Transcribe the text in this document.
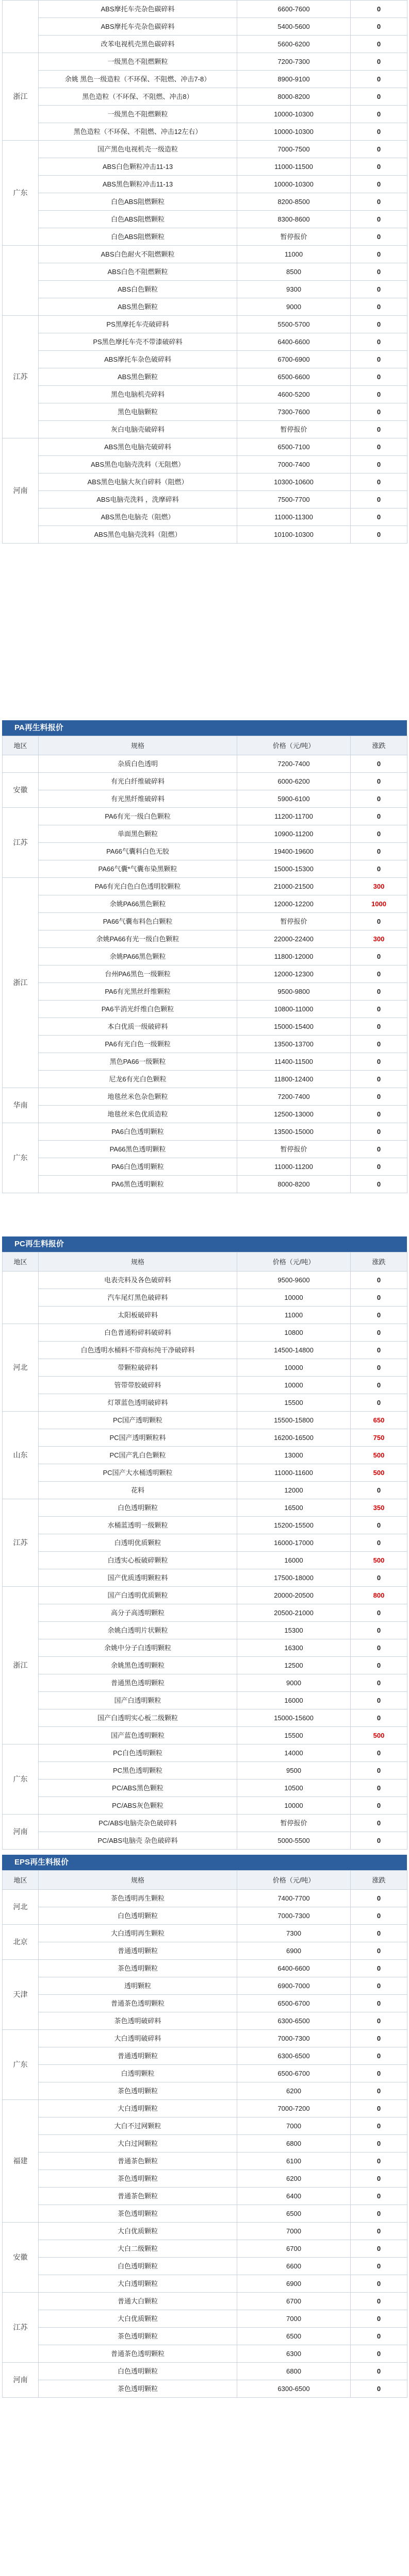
	ABS摩托车壳杂色碳碎料	6600-7600	0
	ABS摩托车壳杂色碳碎料	5400-5600	0
	改苯电视机壳黑色碳碎料	5600-6200	0
浙江	一级黑色不阻燃颗粒	7200-7300	0
	余姚 黑色一级造粒（不环保、不阻燃、冲击7-8）	8900-9100	0
	黑色造粒（不环保、不阻燃、冲击8）	8000-8200	0
	一级黑色不阻燃颗粒	10000-10300	0
	黑色造粒（不环保、不阻燃、冲击12左右）	10000-10300	0
广东	国产黑色电视机壳一级造粒	7000-7500	0
	ABS白色颗粒冲击11-13	11000-11500	0
	ABS黑色颗粒冲击11-13	10000-10300	0
	白色ABS阻燃颗粒	8200-8500	0
	白色ABS阻燃颗粒	8300-8600	0
	白色ABS阻燃颗粒	暂停报价	0
	ABS白色耐火不阻燃颗粒	11000	0
	ABS白色不阻燃颗粒	8500	0
	ABS白色颗粒	9300	0
	ABS黑色颗粒	9000	0
江苏	PS黑摩托车壳破碎料	5500-5700	0
	PS黑色摩托车壳不带漆破碎料	6400-6600	0
	ABS摩托车杂色破碎料	6700-6900	0
	ABS黑色颗粒	6500-6600	0
	黑色电脑机壳碎料	4600-5200	0
	黑色电脑颗粒	7300-7600	0
	灰白电脑壳破碎料	暂停报价	0
河南	ABS黑色电脑壳破碎料	6500-7100	0
	ABS黑色电脑壳洗料（无阻燃）	7000-7400	0
	ABS黑色电脑大灰白碎料（阻燃）	10300-10600	0
	ABS电脑壳洗料 ，洗摩碎料	7500-7700	0
	ABS黑色电脑壳（阻燃）	11000-11300	0
	ABS黑色电脑壳洗料（阻燃）	10100-10300	0
PA再生料报价
地区	规格	价格（元/吨）	涨跌
	杂质白色透明	7200-7400	0
安徽	有光白纤维破碎料	6000-6200	0
	有光黑纤维破碎料	5900-6100	0
江苏	PA6有光一级白色颗粒	11200-11700	0
	单面黑色颗粒	10900-11200	0
	PA66气囊料白色无胶	19400-19600	0
	PA66气囊*气囊布染黑颗粒	15000-15300	0
浙江	PA6有光白色白色透明胶颗粒	21000-21500	300
	余姚PA66黑色颗粒	12000-12200	1000
	PA66气囊布料色白颗粒	暂停报价	0
	余姚PA66有光一级白色颗粒	22000-22400	300
	余姚PA66黑色颗粒	11800-12000	0
	台州PA6黑色一级颗粒	12000-12300	0
	PA6有光黑丝纤维颗粒	9500-9800	0
	PA6半消光纤维白色颗粒	10800-11000	0
	本白优质一级破碎料	15000-15400	0
	PA6有光白色一级颗粒	13500-13700	0
	黑色PA66一级颗粒	11400-11500	0
	尼龙6有光白色颗粒	11800-12400	0
华南	地毯丝米色杂色颗粒	7200-7400	0
	地毯丝米色优质造粒	12500-13000	0
广东	PA6白色透明颗粒	13500-15000	0
	PA66黑色透明颗粒	暂停报价	0
	PA6白色透明颗粒	11000-11200	0
	PA6黑色透明颗粒	8000-8200	0
PC再生料报价
地区	规格	价格（元/吨）	涨跌
	电表壳料及各色破碎料	9500-9600	0
	汽车尾灯黑色破碎料	10000	0
	太阳板破碎料	11000	0
河北	白色普通粉碎料破碎料	10800	0
	白色透明水桶料不带商标纯干净破碎料	14500-14800	0
	带颗粒破碎料	10000	0
	管带带胶破碎料	10000	0
	灯罩蓝色透明破碎料	15500	0
山东	PC国产透明颗粒	15500-15800	650
	PC国产透明颗粒料	16200-16500	750
	PC国产乳白色颗粒	13000	500
	PC国产大水桶透明颗粒	11000-11600	500
	花料	12000	0
江苏	白色透明颗粒	16500	350
	水桶蓝透明一级颗粒	15200-15500	0
	白透明优质颗粒	16000-17000	0
	白透实心板破碎颗粒	16000	500
	国产优质透明颗粒料	17500-18000	0
浙江	国产白透明优质颗粒	20000-20500	800
	高分子高透明颗粒	20500-21000	0
	余姚白透明片状颗粒	15300	0
	余姚中分子白透明颗粒	16300	0
	余姚黑色透明颗粒	12500	0
	普通黑色透明颗粒	9000	0
	国产白透明颗粒	16000	0
	国产白透明实心板二级颗粒	15000-15600	0
	国产蓝色透明颗粒	15500	500
广东	PC白色透明颗粒	14000	0
	PC黑色透明颗粒	9500	0
	PC/ABS黑色颗粒	10500	0
	PC/ABS灰色颗粒	10000	0
河南	PC/ABS电脑壳杂色破碎料	暂停报价	0
	PC/ABS电脑壳 杂色破碎料	5000-5500	0
EPS再生料报价
地区	规格	价格（元/吨）	涨跌
河北	茶色透明再生颗粒	7400-7700	0
	白色透明颗粒	7000-7300	0
北京	大白透明再生颗粒	7300	0
	普通透明颗粒	6900	0
天津	茶色透明颗粒	6400-6600	0
	透明颗粒	6900-7000	0
	普通茶色透明颗粒	6500-6700	0
	茶色透明破碎料	6300-6500	0
广东	大白透明破碎料	7000-7300	0
	普通透明颗粒	6300-6500	0
	白透明颗粒	6500-6700	0
	茶色透明颗粒	6200	0
福建	大白透明颗粒	7000-7200	0
	大白不过网颗粒	7000	0
	大白过网颗粒	6800	0
	普通茶色颗粒	6100	0
	茶色透明颗粒	6200	0
	普通茶色颗粒	6400	0
	茶色透明颗粒	6500	0
安徽	大白优质颗粒	7000	0
	大白二级颗粒	6700	0
	白色透明颗粒	6600	0
	大白透明颗粒	6900	0
江苏	普通大白颗粒	6700	0
	大白优质颗粒	7000	0
	茶色透明颗粒	6500	0
	普通茶色透明颗粒	6300	0
河南	白色透明颗粒	6800	0
	茶色透明颗粒	6300-6500	0
